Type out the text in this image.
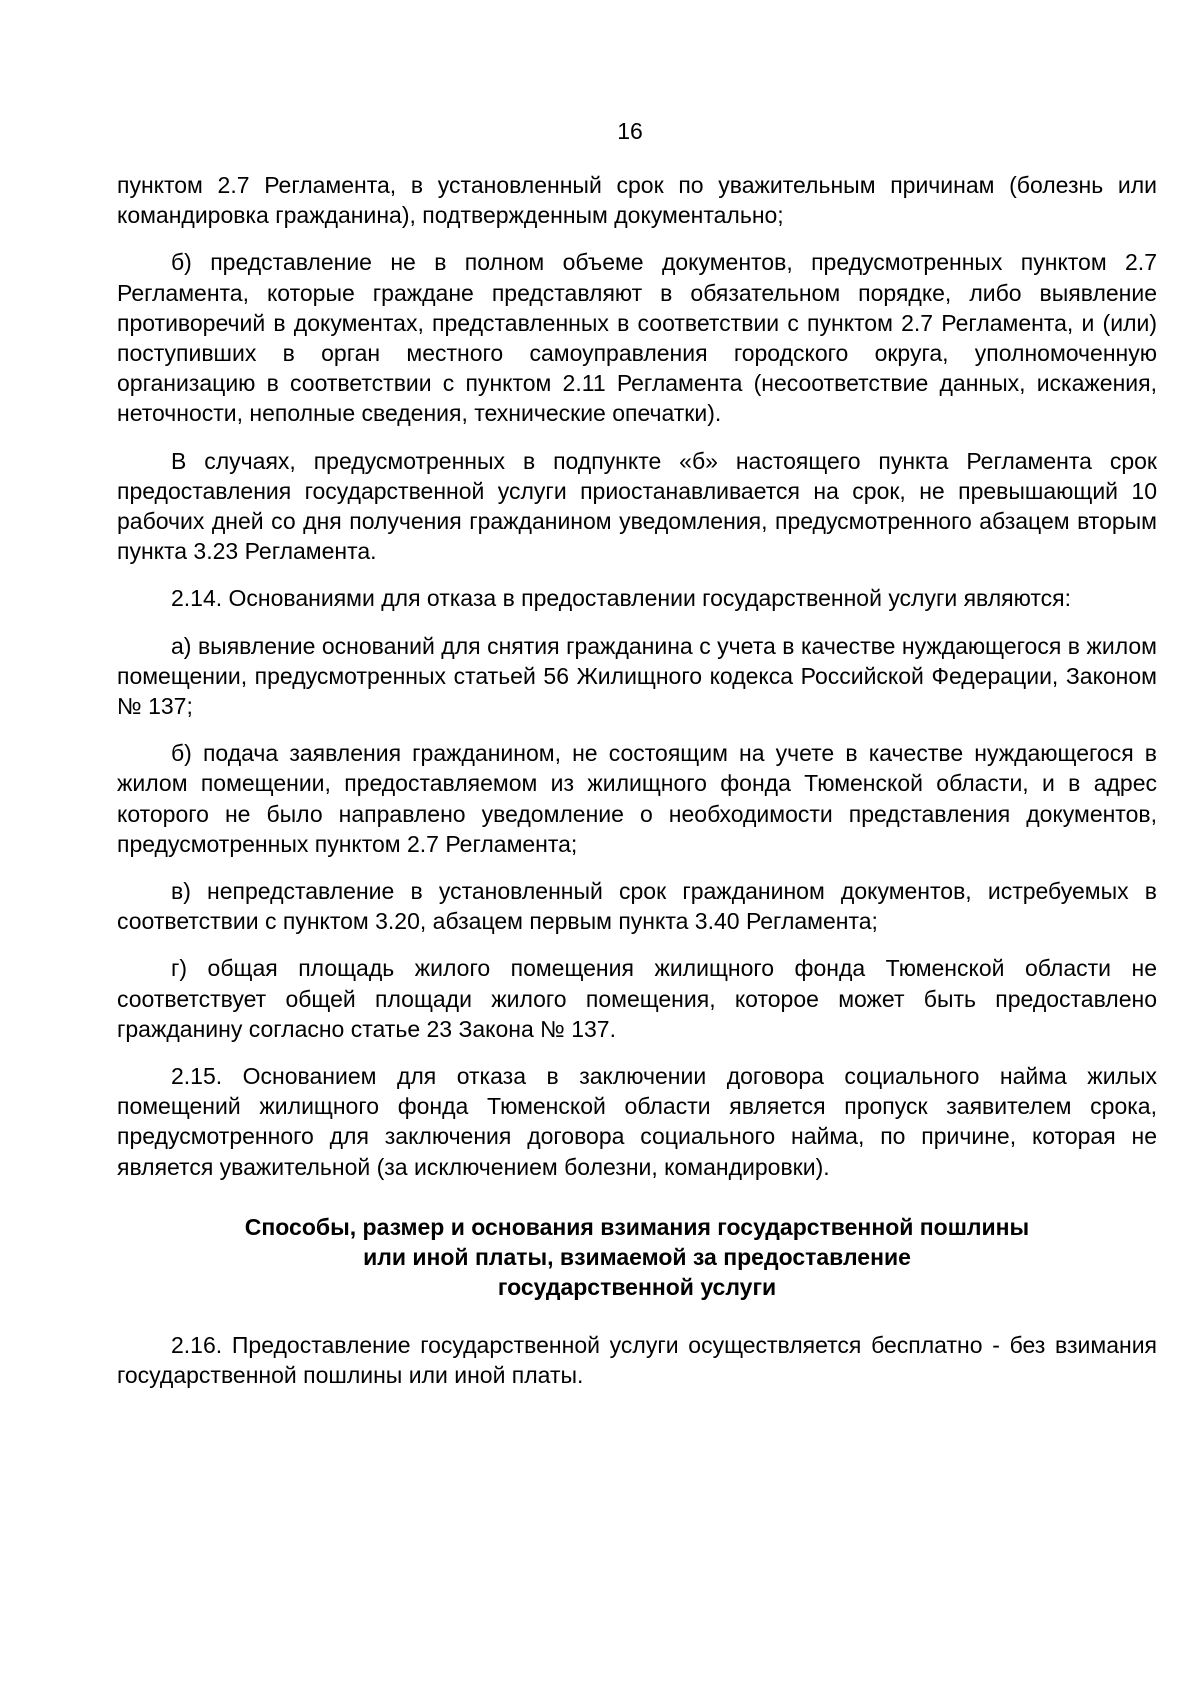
16

пунктом 2.7 Регламента, в установленный срок по уважительным причинам (болезнь или командировка гражданина), подтвержденным документально;

б) представление не в полном объеме документов, предусмотренных пунктом 2.7 Регламента, которые граждане представляют в обязательном порядке, либо выявление противоречий в документах, представленных в соответствии с пунктом 2.7 Регламента, и (или) поступивших в орган местного самоуправления городского округа, уполномоченную организацию в соответствии с пунктом 2.11 Регламента (несоответствие данных, искажения, неточности, неполные сведения, технические опечатки).

В случаях, предусмотренных в подпункте «б» настоящего пункта Регламента срок предоставления государственной услуги приостанавливается на срок, не превышающий 10 рабочих дней со дня получения гражданином уведомления, предусмотренного абзацем вторым пункта 3.23 Регламента.

2.14. Основаниями для отказа в предоставлении государственной услуги являются:

а) выявление оснований для снятия гражданина с учета в качестве нуждающегося в жилом помещении, предусмотренных статьей 56 Жилищного кодекса Российской Федерации, Законом № 137;

б) подача заявления гражданином, не состоящим на учете в качестве нуждающегося в жилом помещении, предоставляемом из жилищного фонда Тюменской области, и в адрес которого не было направлено уведомление о необходимости представления документов, предусмотренных пунктом 2.7 Регламента;

в) непредставление в установленный срок гражданином документов, истребуемых в соответствии с пунктом 3.20, абзацем первым пункта 3.40 Регламента;

г) общая площадь жилого помещения жилищного фонда Тюменской области не соответствует общей площади жилого помещения, которое может быть предоставлено гражданину согласно статье 23 Закона № 137.

2.15. Основанием для отказа в заключении договора социального найма жилых помещений жилищного фонда Тюменской области является пропуск заявителем срока, предусмотренного для заключения договора социального найма, по причине, которая не является уважительной (за исключением болезни, командировки).

Способы, размер и основания взимания государственной пошлины
или иной платы, взимаемой за предоставление
государственной услуги

2.16. Предоставление государственной услуги осуществляется бесплатно - без взимания государственной пошлины или иной платы.
